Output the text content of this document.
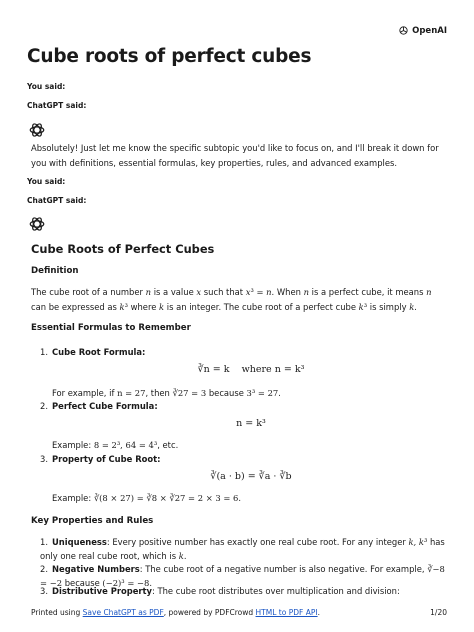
OpenAI
Cube roots of perfect cubes
You said:
ChatGPT said:

Absolutely! Just let me know the specific subtopic you'd like to focus on, and I'll break it down for you with definitions, essential formulas, key properties, rules, and advanced examples.

You said:
ChatGPT said:
Cube Roots of Perfect Cubes
Definition

The cube root of a number n is a value x such that x³ = n. When n is a perfect cube, it means n can be expressed as k³ where k is an integer. The cube root of a perfect cube k³ is simply k.

Essential Formulas to Remember
1. Cube Root Formula:
∛n = k where n = k³
For example, if n = 27, then ∛27 = 3 because 3³ = 27.
2. Perfect Cube Formula:
n = k³
Example: 8 = 2³, 64 = 4³, etc.
3. Property of Cube Root:
∛(a · b) = ∛a · ∛b
Example: ∛(8 × 27) = ∛8 × ∛27 = 2 × 3 = 6.
Key Properties and Rules
1. Uniqueness: Every positive number has exactly one real cube root. For any integer k, k³ has only one real cube root, which is k.
2. Negative Numbers: The cube root of a negative number is also negative. For example, ∛−8 = −2 because (−2)³ = −8.
3. Distributive Property: The cube root distributes over multiplication and division:
Printed using Save ChatGPT as PDF, powered by PDFCrowd HTML to PDF API.	1/20
